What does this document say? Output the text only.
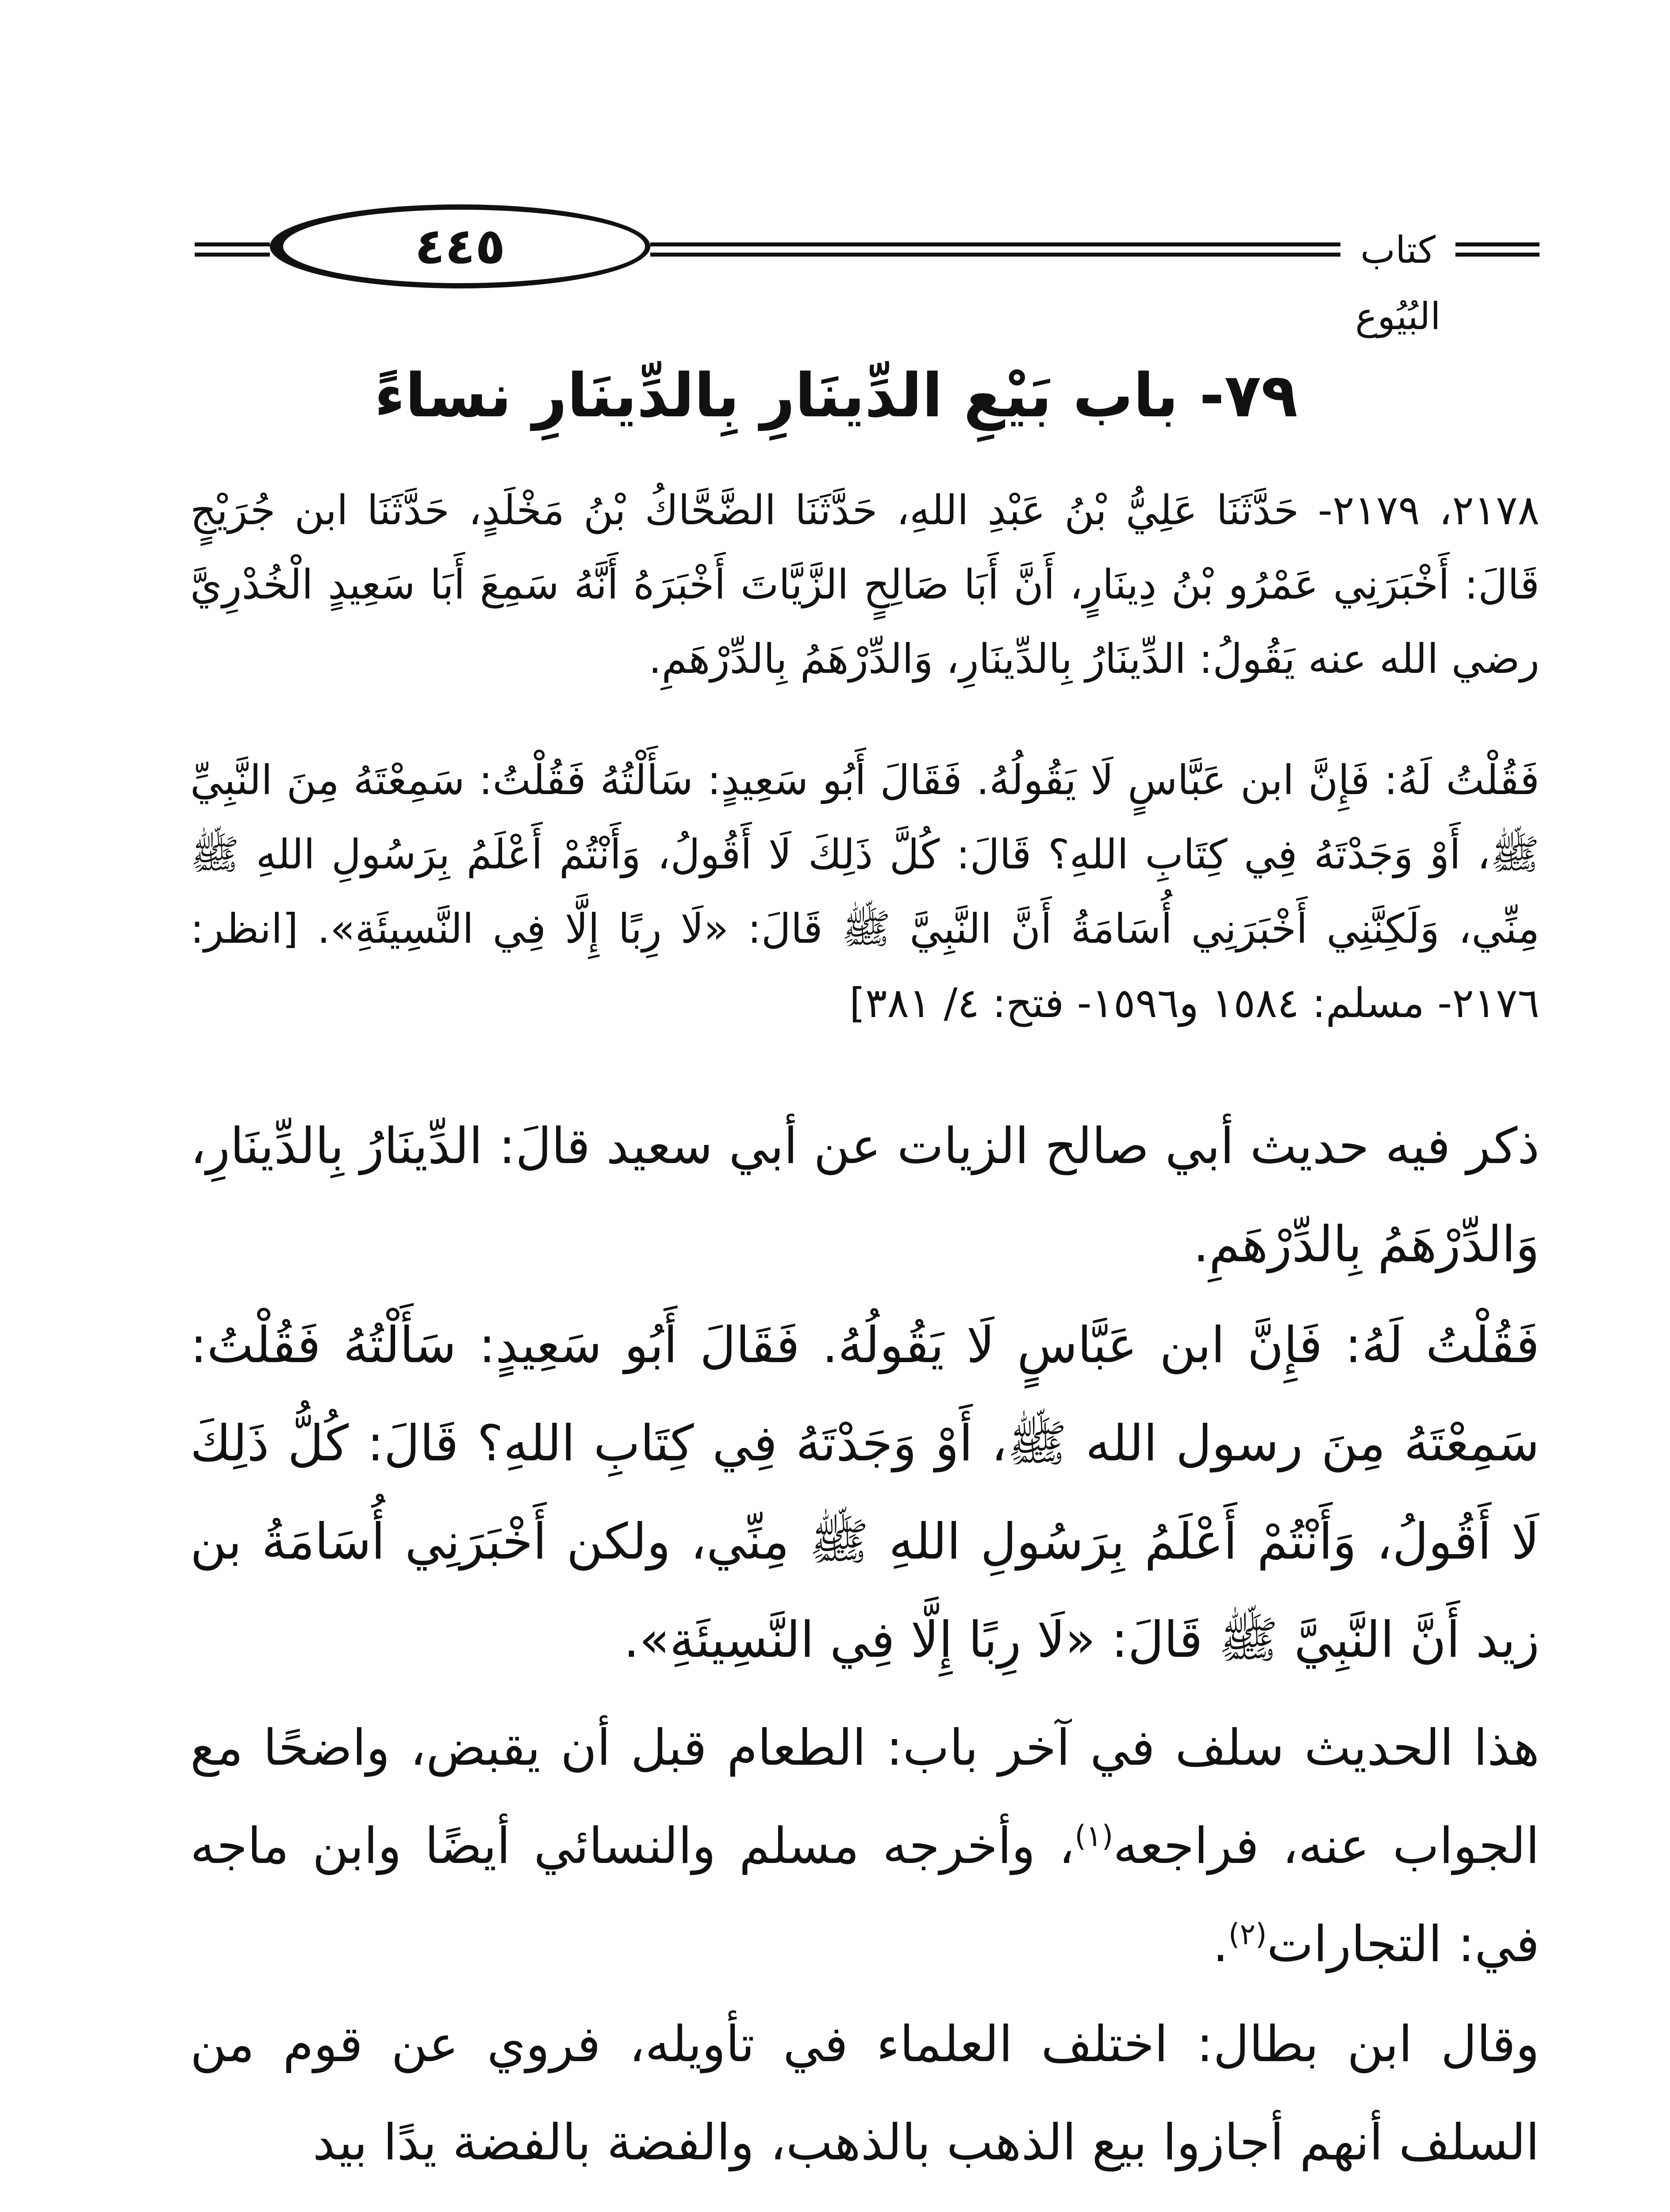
٤٤٥	كتاب البُيُوع
٧٩- باب بَيْعِ الدِّينَارِ بِالدِّينَارِ نساءً

٢١٧٨، ٢١٧٩- حَدَّثَنَا عَلِيُّ بْنُ عَبْدِ اللهِ، حَدَّثَنَا الضَّحَّاكُ بْنُ مَخْلَدٍ، حَدَّثَنَا ابن جُرَيْجٍ قَالَ: أَخْبَرَنِي عَمْرُو بْنُ دِينَارٍ، أَنَّ أَبَا صَالِحٍ الزَّيَّاتَ أَخْبَرَهُ أَنَّهُ سَمِعَ أَبَا سَعِيدٍ الْخُدْرِيَّ رضي الله عنه يَقُولُ: الدِّينَارُ بِالدِّينَارِ، وَالدِّرْهَمُ بِالدِّرْهَمِ.

فَقُلْتُ لَهُ: فَإِنَّ ابن عَبَّاسٍ لَا يَقُولُهُ. فَقَالَ أَبُو سَعِيدٍ: سَأَلْتُهُ فَقُلْتُ: سَمِعْتَهُ مِنَ النَّبِيِّ ﷺ، أَوْ وَجَدْتَهُ فِي كِتَابِ اللهِ؟ قَالَ: كُلَّ ذَلِكَ لَا أَقُولُ، وَأَنْتُمْ أَعْلَمُ بِرَسُولِ اللهِ ﷺ مِنِّي، وَلَكِنَّنِي أَخْبَرَنِي أُسَامَةُ أَنَّ النَّبِيَّ ﷺ قَالَ: «لَا رِبًا إِلَّا فِي النَّسِيئَةِ». [انظر: ٢١٧٦- مسلم: ١٥٨٤ و١٥٩٦- فتح: ٤/ ٣٨١]

ذكر فيه حديث أبي صالح الزيات عن أبي سعيد قالَ: الدِّينَارُ بِالدِّينَارِ، وَالدِّرْهَمُ بِالدِّرْهَمِ.

فَقُلْتُ لَهُ: فَإِنَّ ابن عَبَّاسٍ لَا يَقُولُهُ. فَقَالَ أَبُو سَعِيدٍ: سَأَلْتُهُ فَقُلْتُ: سَمِعْتَهُ مِنَ رسول الله ﷺ، أَوْ وَجَدْتَهُ فِي كِتَابِ اللهِ؟ قَالَ: كُلُّ ذَلِكَ لَا أَقُولُ، وَأَنْتُمْ أَعْلَمُ بِرَسُولِ اللهِ ﷺ مِنِّي، ولكن أَخْبَرَنِي أُسَامَةُ بن زيد أَنَّ النَّبِيَّ ﷺ قَالَ: «لَا رِبًا إِلَّا فِي النَّسِيئَةِ».

هذا الحديث سلف في آخر باب: الطعام قبل أن يقبض، واضحًا مع الجواب عنه، فراجعه$^{(١)}$، وأخرجه مسلم والنسائي أيضًا وابن ماجه في: التجارات$^{(٢)}$.

وقال ابن بطال: اختلف العلماء في تأويله، فروي عن قوم من السلف أنهم أجازوا بيع الذهب بالذهب، والفضة بالفضة يدًا بيد
